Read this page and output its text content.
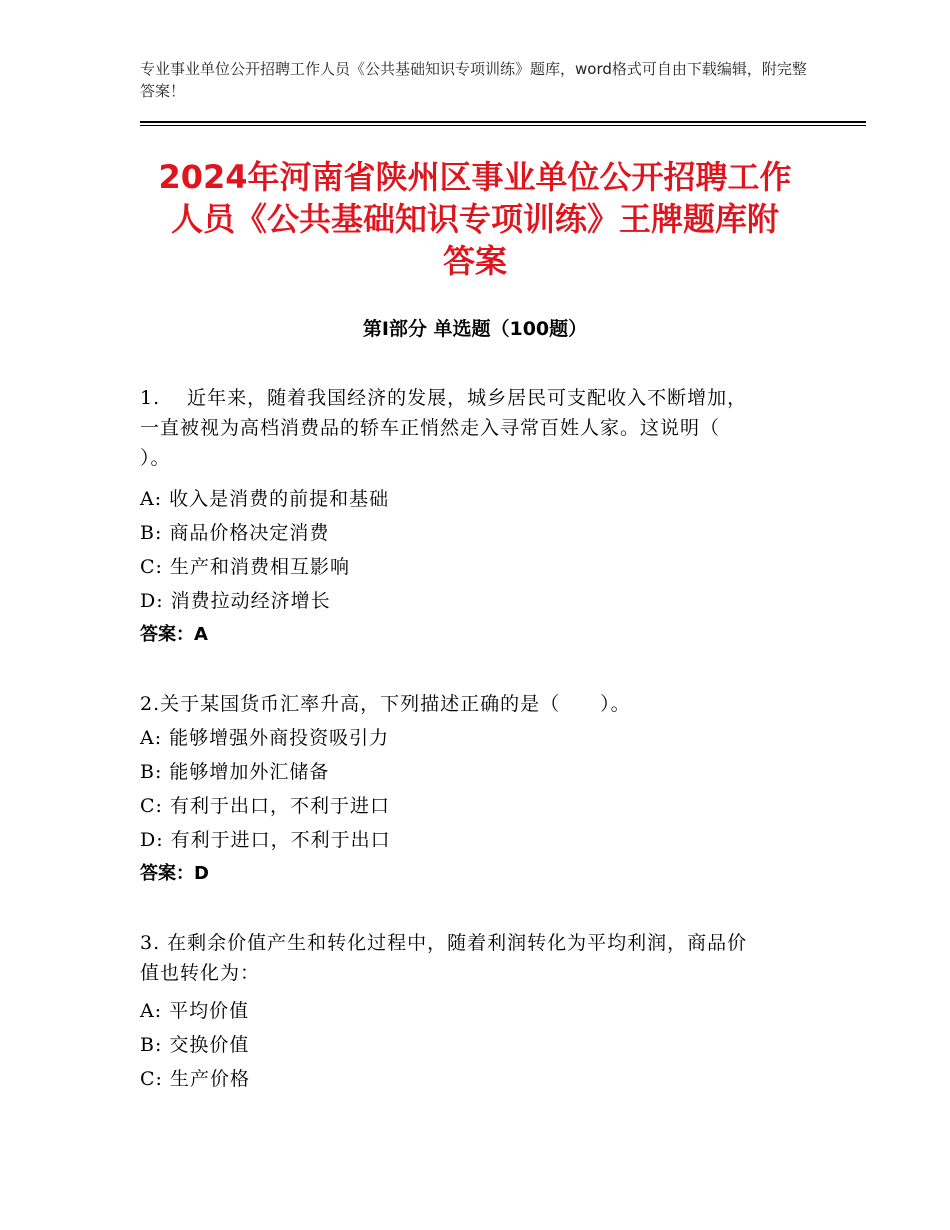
专业事业单位公开招聘工作人员《公共基础知识专项训练》题库，word格式可自由下载编辑，附完整答案！
2024年河南省陕州区事业单位公开招聘工作
人员《公共基础知识专项训练》王牌题库附
答案
第Ⅰ部分 单选题（100题）
1.　 近年来，随着我国经济的发展，城乡居民可支配收入不断增加，
一直被视为高档消费品的轿车正悄然走入寻常百姓人家。这说明（
）。
A: 收入是消费的前提和基础
B: 商品价格决定消费
C: 生产和消费相互影响
D: 消费拉动经济增长
答案：A
2.关于某国货币汇率升高，下列描述正确的是（　　）。
A: 能够增强外商投资吸引力
B: 能够增加外汇储备
C: 有利于出口，不利于进口
D: 有利于进口，不利于出口
答案：D
3. 在剩余价值产生和转化过程中，随着利润转化为平均利润，商品价
值也转化为：
A: 平均价值
B: 交换价值
C: 生产价格
